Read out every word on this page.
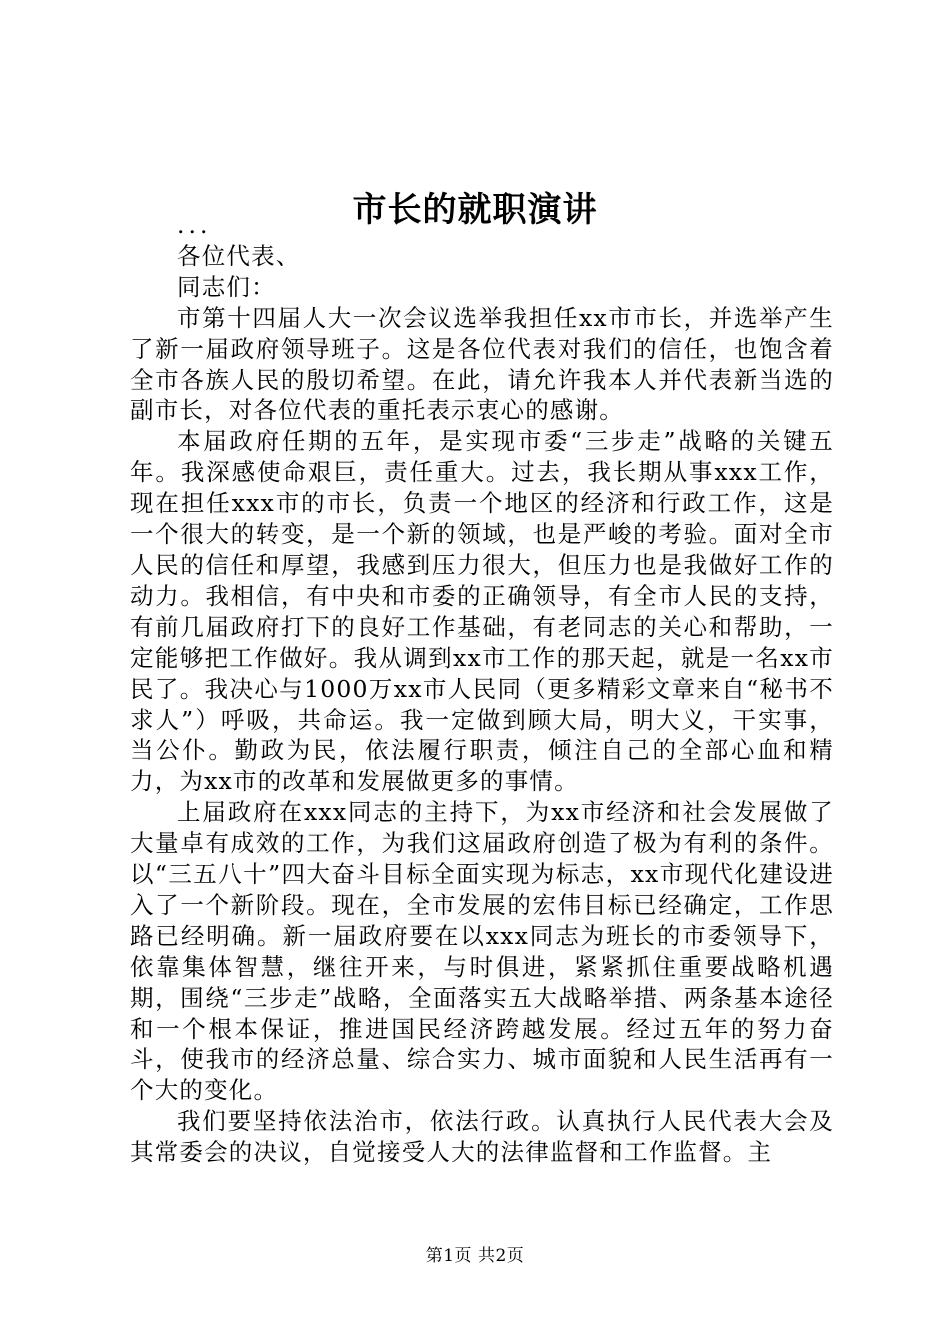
市长的就职演讲
...
各位代表、
同志们：

市第十四届人大一次会议选举我担任xx市市长，并选举产生了新一届政府领导班子。这是各位代表对我们的信任，也饱含着全市各族人民的殷切希望。在此，请允许我本人并代表新当选的副市长，对各位代表的重托表示衷心的感谢。

本届政府任期的五年，是实现市委“三步走”战略的关键五年。我深感使命艰巨，责任重大。过去，我长期从事xxx工作，现在担任xxx市的市长，负责一个地区的经济和行政工作，这是一个很大的转变，是一个新的领域，也是严峻的考验。面对全市人民的信任和厚望，我感到压力很大，但压力也是我做好工作的动力。我相信，有中央和市委的正确领导，有全市人民的支持，有前几届政府打下的良好工作基础，有老同志的关心和帮助，一定能够把工作做好。我从调到xx市工作的那天起，就是一名xx市民了。我决心与1000万xx市人民同（更多精彩文章来自“秘书不求人”）呼吸，共命运。我一定做到顾大局，明大义，干实事，当公仆。勤政为民，依法履行职责，倾注自己的全部心血和精力，为xx市的改革和发展做更多的事情。

上届政府在xxx同志的主持下，为xx市经济和社会发展做了大量卓有成效的工作，为我们这届政府创造了极为有利的条件。以“三五八十”四大奋斗目标全面实现为标志，xx市现代化建设进入了一个新阶段。现在，全市发展的宏伟目标已经确定，工作思路已经明确。新一届政府要在以xxx同志为班长的市委领导下，依靠集体智慧，继往开来，与时俱进，紧紧抓住重要战略机遇期，围绕“三步走”战略，全面落实五大战略举措、两条基本途径和一个根本保证，推进国民经济跨越发展。经过五年的努力奋斗，使我市的经济总量、综合实力、城市面貌和人民生活再有一个大的变化。

我们要坚持依法治市，依法行政。认真执行人民代表大会及其常委会的决议，自觉接受人大的法律监督和工作监督。主

第1页 共2页
